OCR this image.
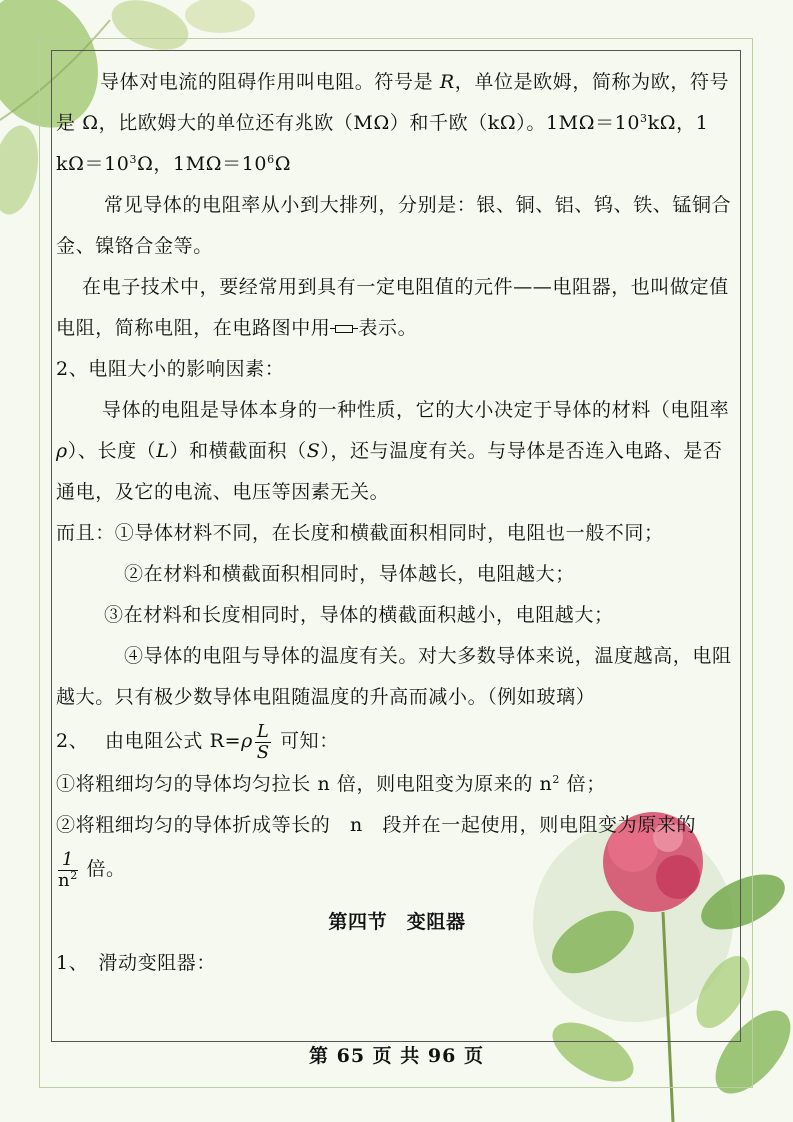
导体对电流的阻碍作用叫电阻。符号是 R，单位是欧姆，简称为欧，符号是 Ω，比欧姆大的单位还有兆欧（MΩ）和千欧（kΩ）。$1M\Omega=10^3k\Omega$，1 $k\Omega=10^3\Omega$，$1M\Omega=10^6\Omega$

常见导体的电阻率从小到大排列，分别是：银、铜、铝、钨、铁、锰铜合金、镍铬合金等。

在电子技术中，要经常用到具有一定电阻值的元件——电阻器，也叫做定值电阻，简称电阻，在电路图中用 表示。

2、电阻大小的影响因素：

导体的电阻是导体本身的一种性质，它的大小决定于导体的材料（电阻率 ρ）、长度（L）和横截面积（S），还与温度有关。与导体是否连入电路、是否通电，及它的电流、电压等因素无关。

而且：①导体材料不同，在长度和横截面积相同时，电阻也一般不同；

②在材料和横截面积相同时，导体越长，电阻越大；

③在材料和长度相同时，导体的横截面积越小，电阻越大；

④导体的电阻与导体的温度有关。对大多数导体来说，温度越高，电阻越大。只有极少数导体电阻随温度的升高而减小。（例如玻璃）

2、　 由电阻公式 $R=\rho \frac{L}{S}$ 可知：

①将粗细均匀的导体均匀拉长 n 倍，则电阻变为原来的 $n^2$ 倍；

②将粗细均匀的导体折成等长的　n　段并在一起使用，则电阻变为原来的

$\frac{1}{n^2}$ 倍。

第四节　变阻器

1、　滑动变阻器：

第 65 页 共 96 页
